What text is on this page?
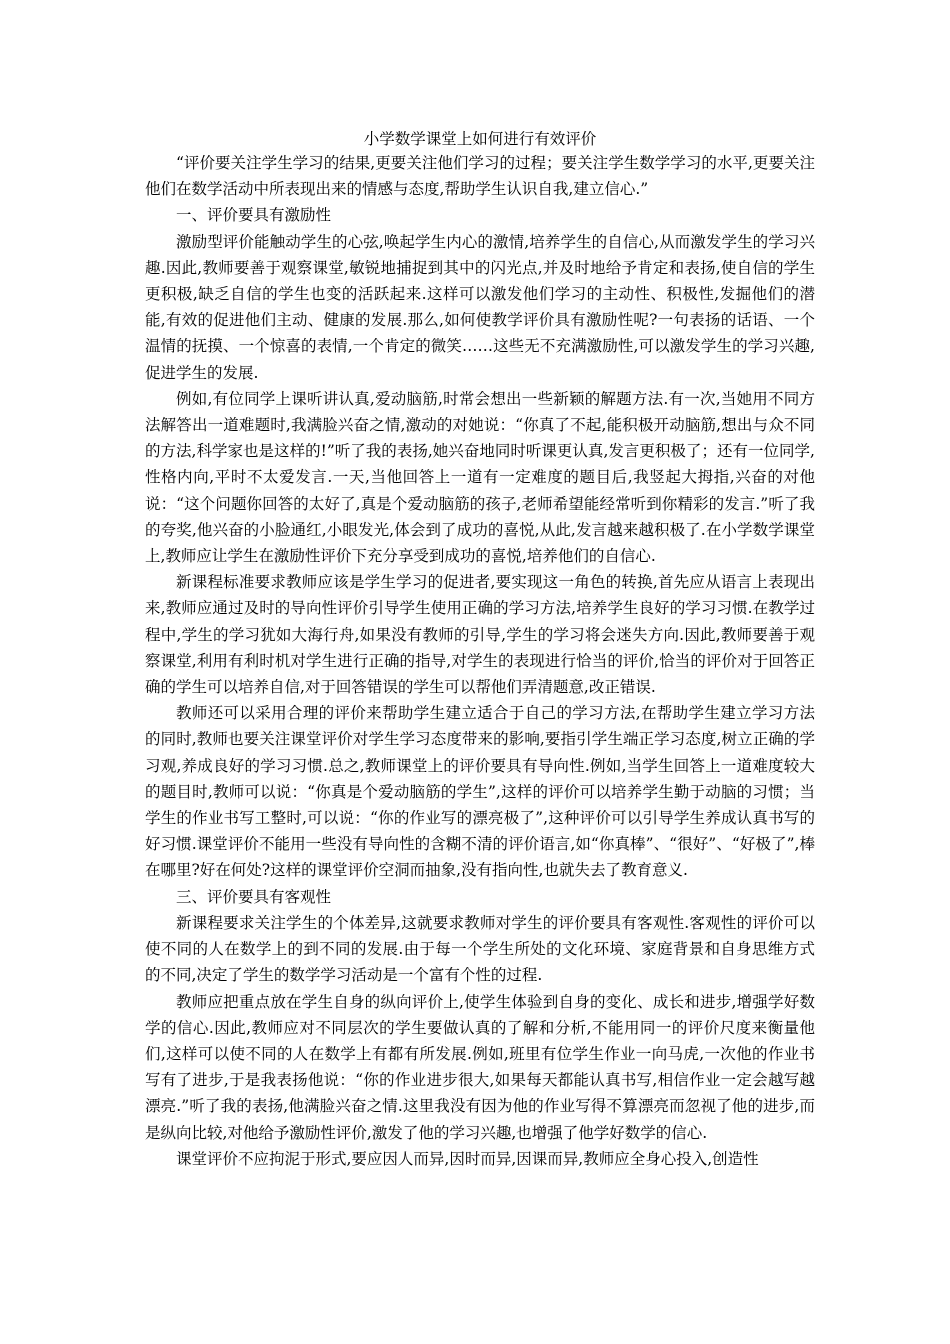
小学数学课堂上如何进行有效评价

“评价要关注学生学习的结果,更要关注他们学习的过程；要关注学生数学学习的水平,更要关注他们在数学活动中所表现出来的情感与态度,帮助学生认识自我,建立信心.”

一、评价要具有激励性

激励型评价能触动学生的心弦,唤起学生内心的激情,培养学生的自信心,从而激发学生的学习兴趣.因此,教师要善于观察课堂,敏锐地捕捉到其中的闪光点,并及时地给予肯定和表扬,使自信的学生更积极,缺乏自信的学生也变的活跃起来.这样可以激发他们学习的主动性、积极性,发掘他们的潜能,有效的促进他们主动、健康的发展.那么,如何使教学评价具有激励性呢?一句表扬的话语、一个温情的抚摸、一个惊喜的表情,一个肯定的微笑……这些无不充满激励性,可以激发学生的学习兴趣,促进学生的发展.

例如,有位同学上课听讲认真,爱动脑筋,时常会想出一些新颖的解题方法.有一次,当她用不同方法解答出一道难题时,我满脸兴奋之情,激动的对她说：“你真了不起,能积极开动脑筋,想出与众不同的方法,科学家也是这样的!”听了我的表扬,她兴奋地同时听课更认真,发言更积极了；还有一位同学,性格内向,平时不太爱发言.一天,当他回答上一道有一定难度的题目后,我竖起大拇指,兴奋的对他说：“这个问题你回答的太好了,真是个爱动脑筋的孩子,老师希望能经常听到你精彩的发言.”听了我的夸奖,他兴奋的小脸通红,小眼发光,体会到了成功的喜悦,从此,发言越来越积极了.在小学数学课堂上,教师应让学生在激励性评价下充分享受到成功的喜悦,培养他们的自信心.

新课程标准要求教师应该是学生学习的促进者,要实现这一角色的转换,首先应从语言上表现出来,教师应通过及时的导向性评价引导学生使用正确的学习方法,培养学生良好的学习习惯.在教学过程中,学生的学习犹如大海行舟,如果没有教师的引导,学生的学习将会迷失方向.因此,教师要善于观察课堂,利用有利时机对学生进行正确的指导,对学生的表现进行恰当的评价,恰当的评价对于回答正确的学生可以培养自信,对于回答错误的学生可以帮他们弄清题意,改正错误.

教师还可以采用合理的评价来帮助学生建立适合于自己的学习方法,在帮助学生建立学习方法的同时,教师也要关注课堂评价对学生学习态度带来的影响,要指引学生端正学习态度,树立正确的学习观,养成良好的学习习惯.总之,教师课堂上的评价要具有导向性.例如,当学生回答上一道难度较大的题目时,教师可以说：“你真是个爱动脑筋的学生”,这样的评价可以培养学生勤于动脑的习惯；当学生的作业书写工整时,可以说：“你的作业写的漂亮极了”,这种评价可以引导学生养成认真书写的好习惯.课堂评价不能用一些没有导向性的含糊不清的评价语言,如“你真棒”、“很好”、“好极了”,棒在哪里?好在何处?这样的课堂评价空洞而抽象,没有指向性,也就失去了教育意义.

三、评价要具有客观性

新课程要求关注学生的个体差异,这就要求教师对学生的评价要具有客观性.客观性的评价可以使不同的人在数学上的到不同的发展.由于每一个学生所处的文化环境、家庭背景和自身思维方式的不同,决定了学生的数学学习活动是一个富有个性的过程.

教师应把重点放在学生自身的纵向评价上,使学生体验到自身的变化、成长和进步,增强学好数学的信心.因此,教师应对不同层次的学生要做认真的了解和分析,不能用同一的评价尺度来衡量他们,这样可以使不同的人在数学上有都有所发展.例如,班里有位学生作业一向马虎,一次他的作业书写有了进步,于是我表扬他说：“你的作业进步很大,如果每天都能认真书写,相信作业一定会越写越漂亮.”听了我的表扬,他满脸兴奋之情.这里我没有因为他的作业写得不算漂亮而忽视了他的进步,而是纵向比较,对他给予激励性评价,激发了他的学习兴趣,也增强了他学好数学的信心.

课堂评价不应拘泥于形式,要应因人而异,因时而异,因课而异,教师应全身心投入,创造性
